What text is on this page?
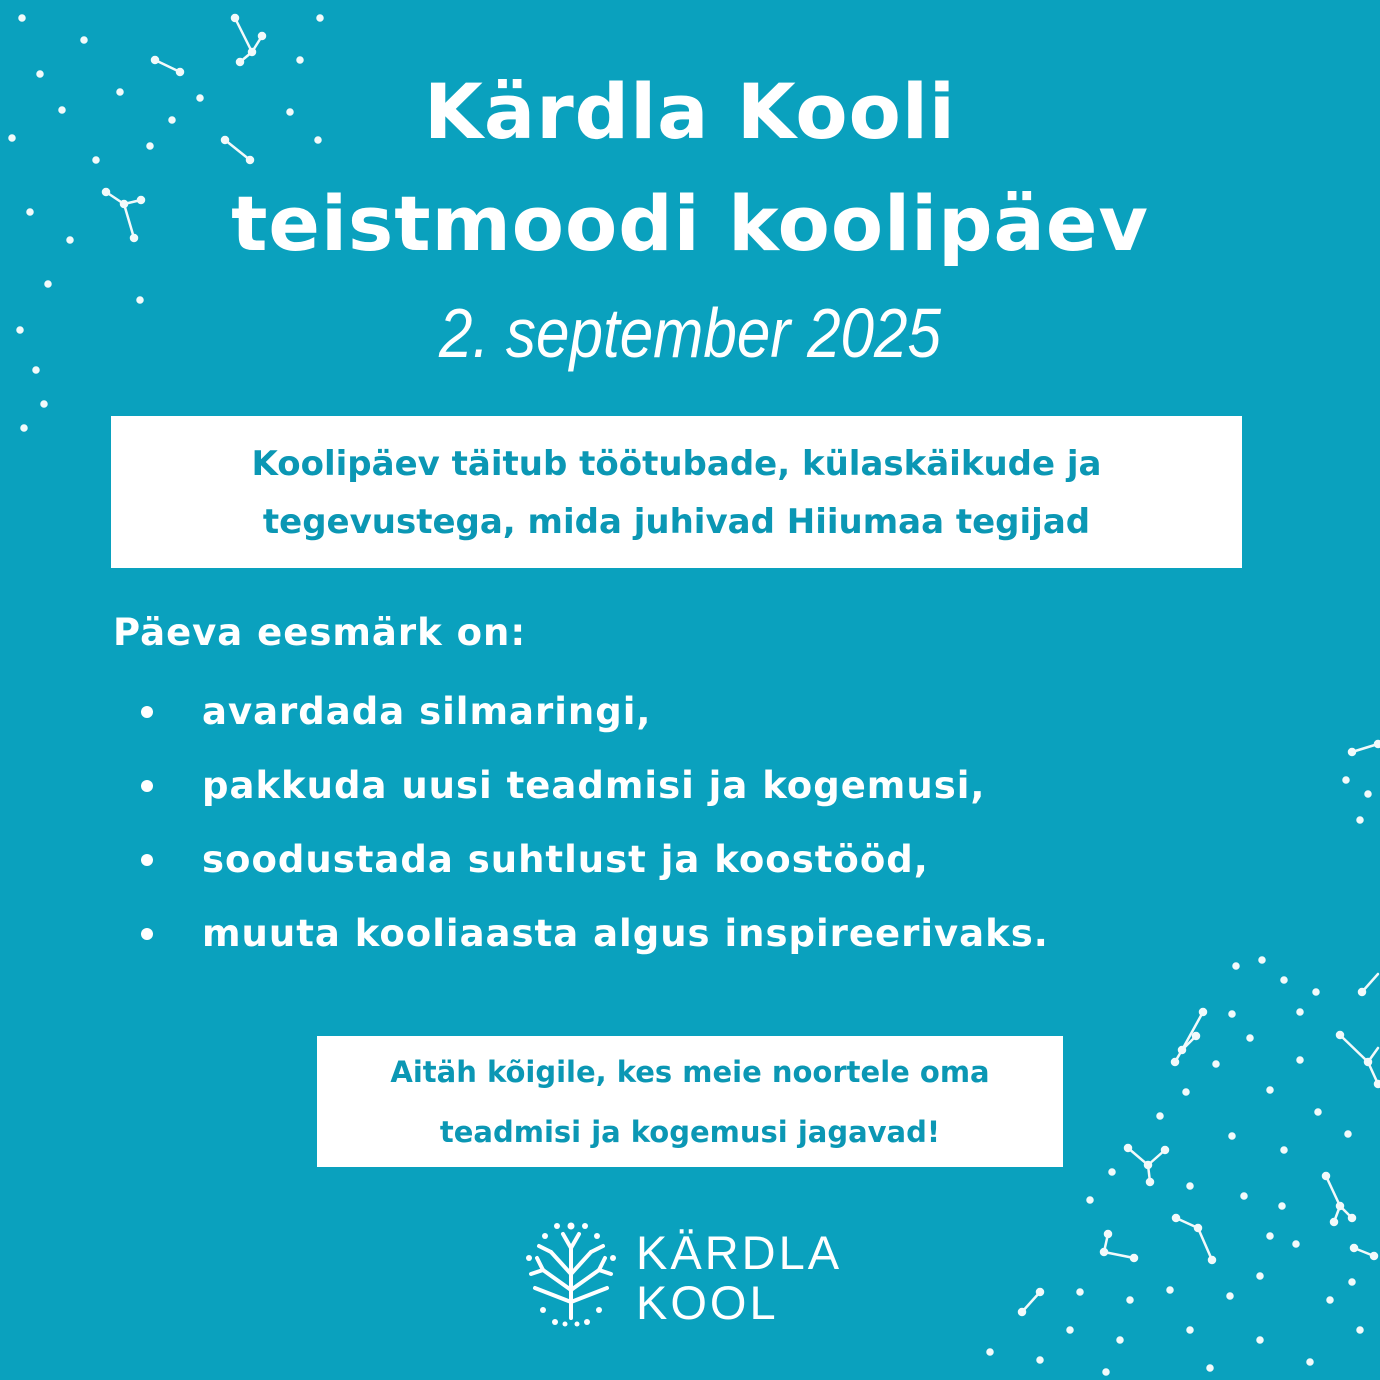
Kärdla Kooli
teistmoodi koolipäev
2. september 2025
Koolipäev täitub töötubade, külaskäikude ja
tegevustega, mida juhivad Hiiumaa tegijad
Päeva eesmärk on:
avardada silmaringi,
pakkuda uusi teadmisi ja kogemusi,
soodustada suhtlust ja koostööd,
muuta kooliaasta algus inspireerivaks.
Aitäh kõigile, kes meie noortele oma
teadmisi ja kogemusi jagavad!
KÄRDLA
KOOL
